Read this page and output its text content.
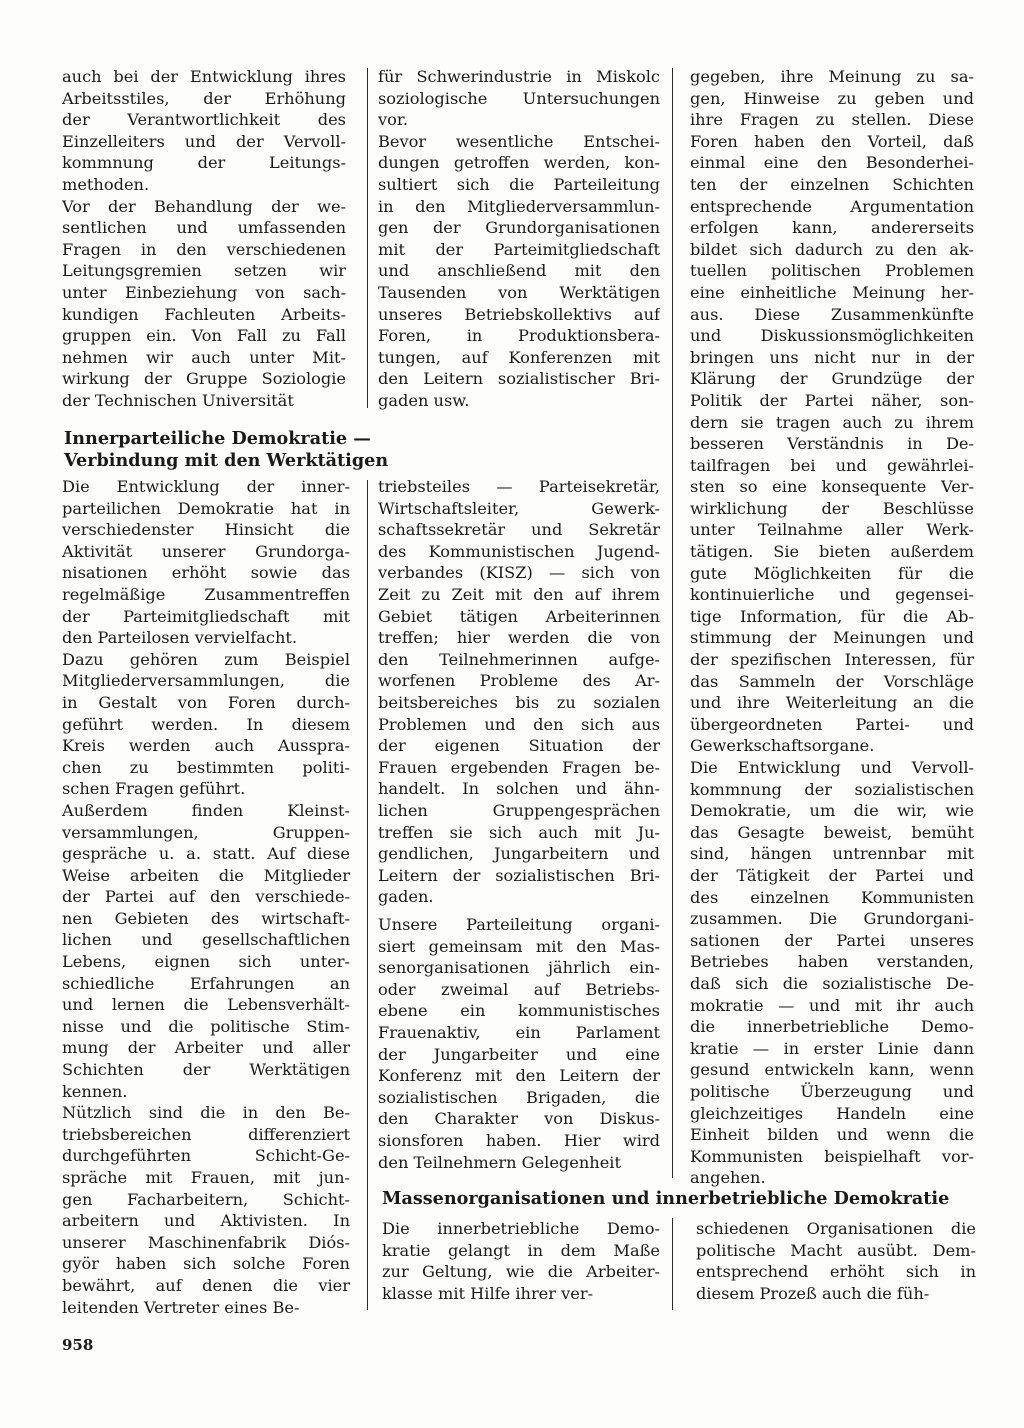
auch bei der Entwicklung ihres
Arbeitsstiles, der Erhöhung
der Verantwortlichkeit des
Einzelleiters und der Vervoll-
kommnung der Leitungs-
methoden.
Vor der Behandlung der we-
sentlichen und umfassenden
Fragen in den verschiedenen
Leitungsgremien setzen wir
unter Einbeziehung von sach-
kundigen Fachleuten Arbeits-
gruppen ein. Von Fall zu Fall
nehmen wir auch unter Mit-
wirkung der Gruppe Soziologie
der Technischen Universität
für Schwerindustrie in Miskolc
soziologische Untersuchungen
vor.
Bevor wesentliche Entschei-
dungen getroffen werden, kon-
sultiert sich die Parteileitung
in den Mitgliederversammlun-
gen der Grundorganisationen
mit der Parteimitgliedschaft
und anschließend mit den
Tausenden von Werktätigen
unseres Betriebskollektivs auf
Foren, in Produktionsbera-
tungen, auf Konferenzen mit
den Leitern sozialistischer Bri-
gaden usw.
Innerparteiliche Demokratie —
Verbindung mit den Werktätigen
Die Entwicklung der inner-
parteilichen Demokratie hat in
verschiedenster Hinsicht die
Aktivität unserer Grundorga-
nisationen erhöht sowie das
regelmäßige Zusammentreffen
der Parteimitgliedschaft mit
den Parteilosen vervielfacht.
Dazu gehören zum Beispiel
Mitgliederversammlungen, die
in Gestalt von Foren durch-
geführt werden. In diesem
Kreis werden auch Ausspra-
chen zu bestimmten politi-
schen Fragen geführt.
Außerdem finden Kleinst-
versammlungen, Gruppen-
gespräche u. a. statt. Auf diese
Weise arbeiten die Mitglieder
der Partei auf den verschiede-
nen Gebieten des wirtschaft-
lichen und gesellschaftlichen
Lebens, eignen sich unter-
schiedliche Erfahrungen an
und lernen die Lebensverhält-
nisse und die politische Stim-
mung der Arbeiter und aller
Schichten der Werktätigen
kennen.
Nützlich sind die in den Be-
triebsbereichen differenziert
durchgeführten Schicht-Ge-
spräche mit Frauen, mit jun-
gen Facharbeitern, Schicht-
arbeitern und Aktivisten. In
unserer Maschinenfabrik Diós-
györ haben sich solche Foren
bewährt, auf denen die vier
leitenden Vertreter eines Be-
triebsteiles — Parteisekretär,
Wirtschaftsleiter, Gewerk-
schaftssekretär und Sekretär
des Kommunistischen Jugend-
verbandes (KISZ) — sich von
Zeit zu Zeit mit den auf ihrem
Gebiet tätigen Arbeiterinnen
treffen; hier werden die von
den Teilnehmerinnen aufge-
worfenen Probleme des Ar-
beitsbereiches bis zu sozialen
Problemen und den sich aus
der eigenen Situation der
Frauen ergebenden Fragen be-
handelt. In solchen und ähn-
lichen Gruppengesprächen
treffen sie sich auch mit Ju-
gendlichen, Jungarbeitern und
Leitern der sozialistischen Bri-
gaden.
Unsere Parteileitung organi-
siert gemeinsam mit den Mas-
senorganisationen jährlich ein-
oder zweimal auf Betriebs-
ebene ein kommunistisches
Frauenaktiv, ein Parlament
der Jungarbeiter und eine
Konferenz mit den Leitern der
sozialistischen Brigaden, die
den Charakter von Diskus-
sionsforen haben. Hier wird
den Teilnehmern Gelegenheit
gegeben, ihre Meinung zu sa-
gen, Hinweise zu geben und
ihre Fragen zu stellen. Diese
Foren haben den Vorteil, daß
einmal eine den Besonderhei-
ten der einzelnen Schichten
entsprechende Argumentation
erfolgen kann, andererseits
bildet sich dadurch zu den ak-
tuellen politischen Problemen
eine einheitliche Meinung her-
aus. Diese Zusammenkünfte
und Diskussionsmöglichkeiten
bringen uns nicht nur in der
Klärung der Grundzüge der
Politik der Partei näher, son-
dern sie tragen auch zu ihrem
besseren Verständnis in De-
tailfragen bei und gewährlei-
sten so eine konsequente Ver-
wirklichung der Beschlüsse
unter Teilnahme aller Werk-
tätigen. Sie bieten außerdem
gute Möglichkeiten für die
kontinuierliche und gegensei-
tige Information, für die Ab-
stimmung der Meinungen und
der spezifischen Interessen, für
das Sammeln der Vorschläge
und ihre Weiterleitung an die
übergeordneten Partei- und
Gewerkschaftsorgane.
Die Entwicklung und Vervoll-
kommnung der sozialistischen
Demokratie, um die wir, wie
das Gesagte beweist, bemüht
sind, hängen untrennbar mit
der Tätigkeit der Partei und
des einzelnen Kommunisten
zusammen. Die Grundorgani-
sationen der Partei unseres
Betriebes haben verstanden,
daß sich die sozialistische De-
mokratie — und mit ihr auch
die innerbetriebliche Demo-
kratie — in erster Linie dann
gesund entwickeln kann, wenn
politische Überzeugung und
gleichzeitiges Handeln eine
Einheit bilden und wenn die
Kommunisten beispielhaft vor-
angehen.
Massenorganisationen und innerbetriebliche Demokratie
Die innerbetriebliche Demo-
kratie gelangt in dem Maße
zur Geltung, wie die Arbeiter-
klasse mit Hilfe ihrer ver-
schiedenen Organisationen die
politische Macht ausübt. Dem-
entsprechend erhöht sich in
diesem Prozeß auch die füh-
958
